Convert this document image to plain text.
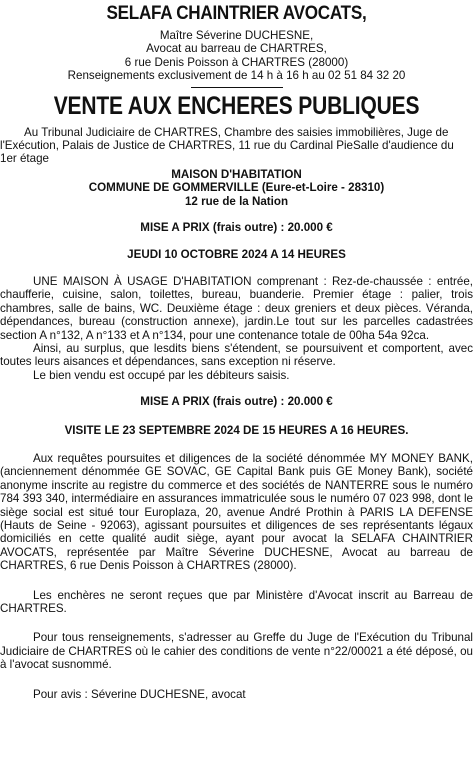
SELAFA CHAINTRIER AVOCATS,
Maître Séverine DUCHESNE,
Avocat au barreau de CHARTRES,
6 rue Denis Poisson à CHARTRES (28000)
Renseignements exclusivement de 14 h à 16 h au 02 51 84 32 20
VENTE AUX ENCHERES PUBLIQUES

Au Tribunal Judiciaire de CHARTRES, Chambre des saisies immobilières, Juge de l'Exécution, Palais de Justice de CHARTRES, 11 rue du Cardinal PieSalle d'audience du 1er étage

MAISON D'HABITATION
COMMUNE DE GOMMERVILLE (Eure-et-Loire - 28310)
12 rue de la Nation
MISE A PRIX (frais outre) : 20.000 €
JEUDI 10 OCTOBRE 2024 A 14 HEURES

UNE MAISON À USAGE D'HABITATION comprenant : Rez-de-chaussée : entrée, chaufferie, cuisine, salon, toilettes, bureau, buanderie. Premier étage : palier, trois chambres, salle de bains, WC. Deuxième étage : deux greniers et deux pièces. Véranda, dépendances, bureau (construction annexe), jardin.Le tout sur les parcelles cadastrées section A n°132, A n°133 et A n°134, pour une contenance totale de 00ha 54a 92ca.

Ainsi, au surplus, que lesdits biens s'étendent, se poursuivent et comportent, avec toutes leurs aisances et dépendances, sans exception ni réserve.

Le bien vendu est occupé par les débiteurs saisis.

MISE A PRIX (frais outre) : 20.000 €
VISITE LE 23 SEPTEMBRE 2024 DE 15 HEURES A 16 HEURES.

Aux requêtes poursuites et diligences de la société dénommée MY MONEY BANK, (anciennement dénommée GE SOVAC, GE Capital Bank puis GE Money Bank), société anonyme inscrite au registre du commerce et des sociétés de NANTERRE sous le numéro 784 393 340, intermédiaire en assurances immatriculée sous le numéro 07 023 998, dont le siège social est situé tour Europlaza, 20, avenue André Prothin à PARIS LA DEFENSE (Hauts de Seine - 92063), agissant poursuites et diligences de ses représentants légaux domiciliés en cette qualité audit siège, ayant pour avocat la SELAFA CHAINTRIER AVOCATS, représentée par Maître Séverine DUCHESNE, Avocat au barreau de CHARTRES, 6 rue Denis Poisson à CHARTRES (28000).

Les enchères ne seront reçues que par Ministère d'Avocat inscrit au Barreau de CHARTRES.

Pour tous renseignements, s'adresser au Greffe du Juge de l'Exécution du Tribunal Judiciaire de CHARTRES où le cahier des conditions de vente n°22/00021 a été déposé, ou à l'avocat susnommé.

Pour avis : Séverine DUCHESNE, avocat
